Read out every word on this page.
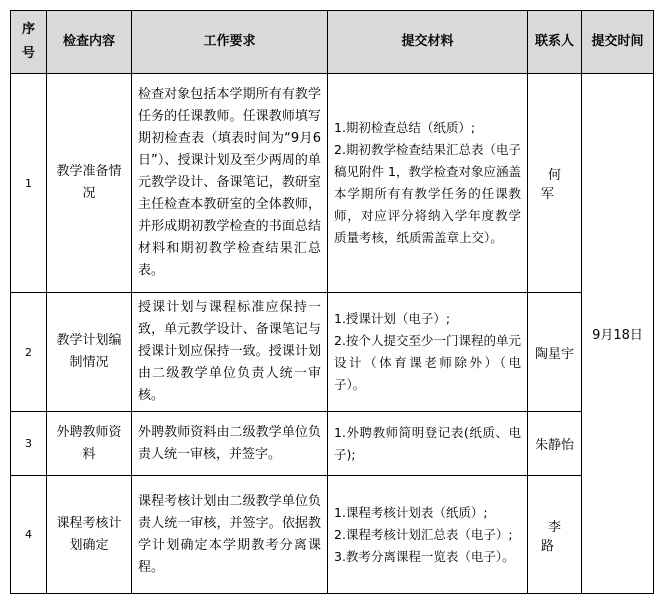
序号	检查内容	工作要求	提交材料	联系人	提交时间
1	教学准备情况	检查对象包括本学期所有有教学任务的任课教师。任课教师填写期初检查表（填表时间为“9月6日”）、授课计划及至少两周的单元教学设计、备课笔记，教研室主任检查本教研室的全体教师，并形成期初教学检查的书面总结材料和期初教学检查结果汇总表。	1.期初检查总结（纸质）;
2.期初教学检查结果汇总表（电子稿见附件 1，教学检查对象应涵盖本学期所有有教学任务的任课教师，对应评分将纳入学年度教学质量考核，纸质需盖章上交）。	何军	9月18日
2	教学计划编制情况	授课计划与课程标准应保持一致，单元教学设计、备课笔记与授课计划应保持一致。授课计划由二级教学单位负责人统一审核。	1.授课计划（电子）;
2.按个人提交至少一门课程的单元设计（体育课老师除外）（电子）。	陶星宇	
3	外聘教师资料	外聘教师资料由二级教学单位负责人统一审核，并签字。	1.外聘教师简明登记表(纸质、电子);	朱静怡	
4	课程考核计划确定	课程考核计划由二级教学单位负责人统一审核，并签字。依据教学计划确定本学期教考分离课程。	1.课程考核计划表（纸质）;
2.课程考核计划汇总表（电子）;
3.教考分离课程一览表（电子）。	李路	
